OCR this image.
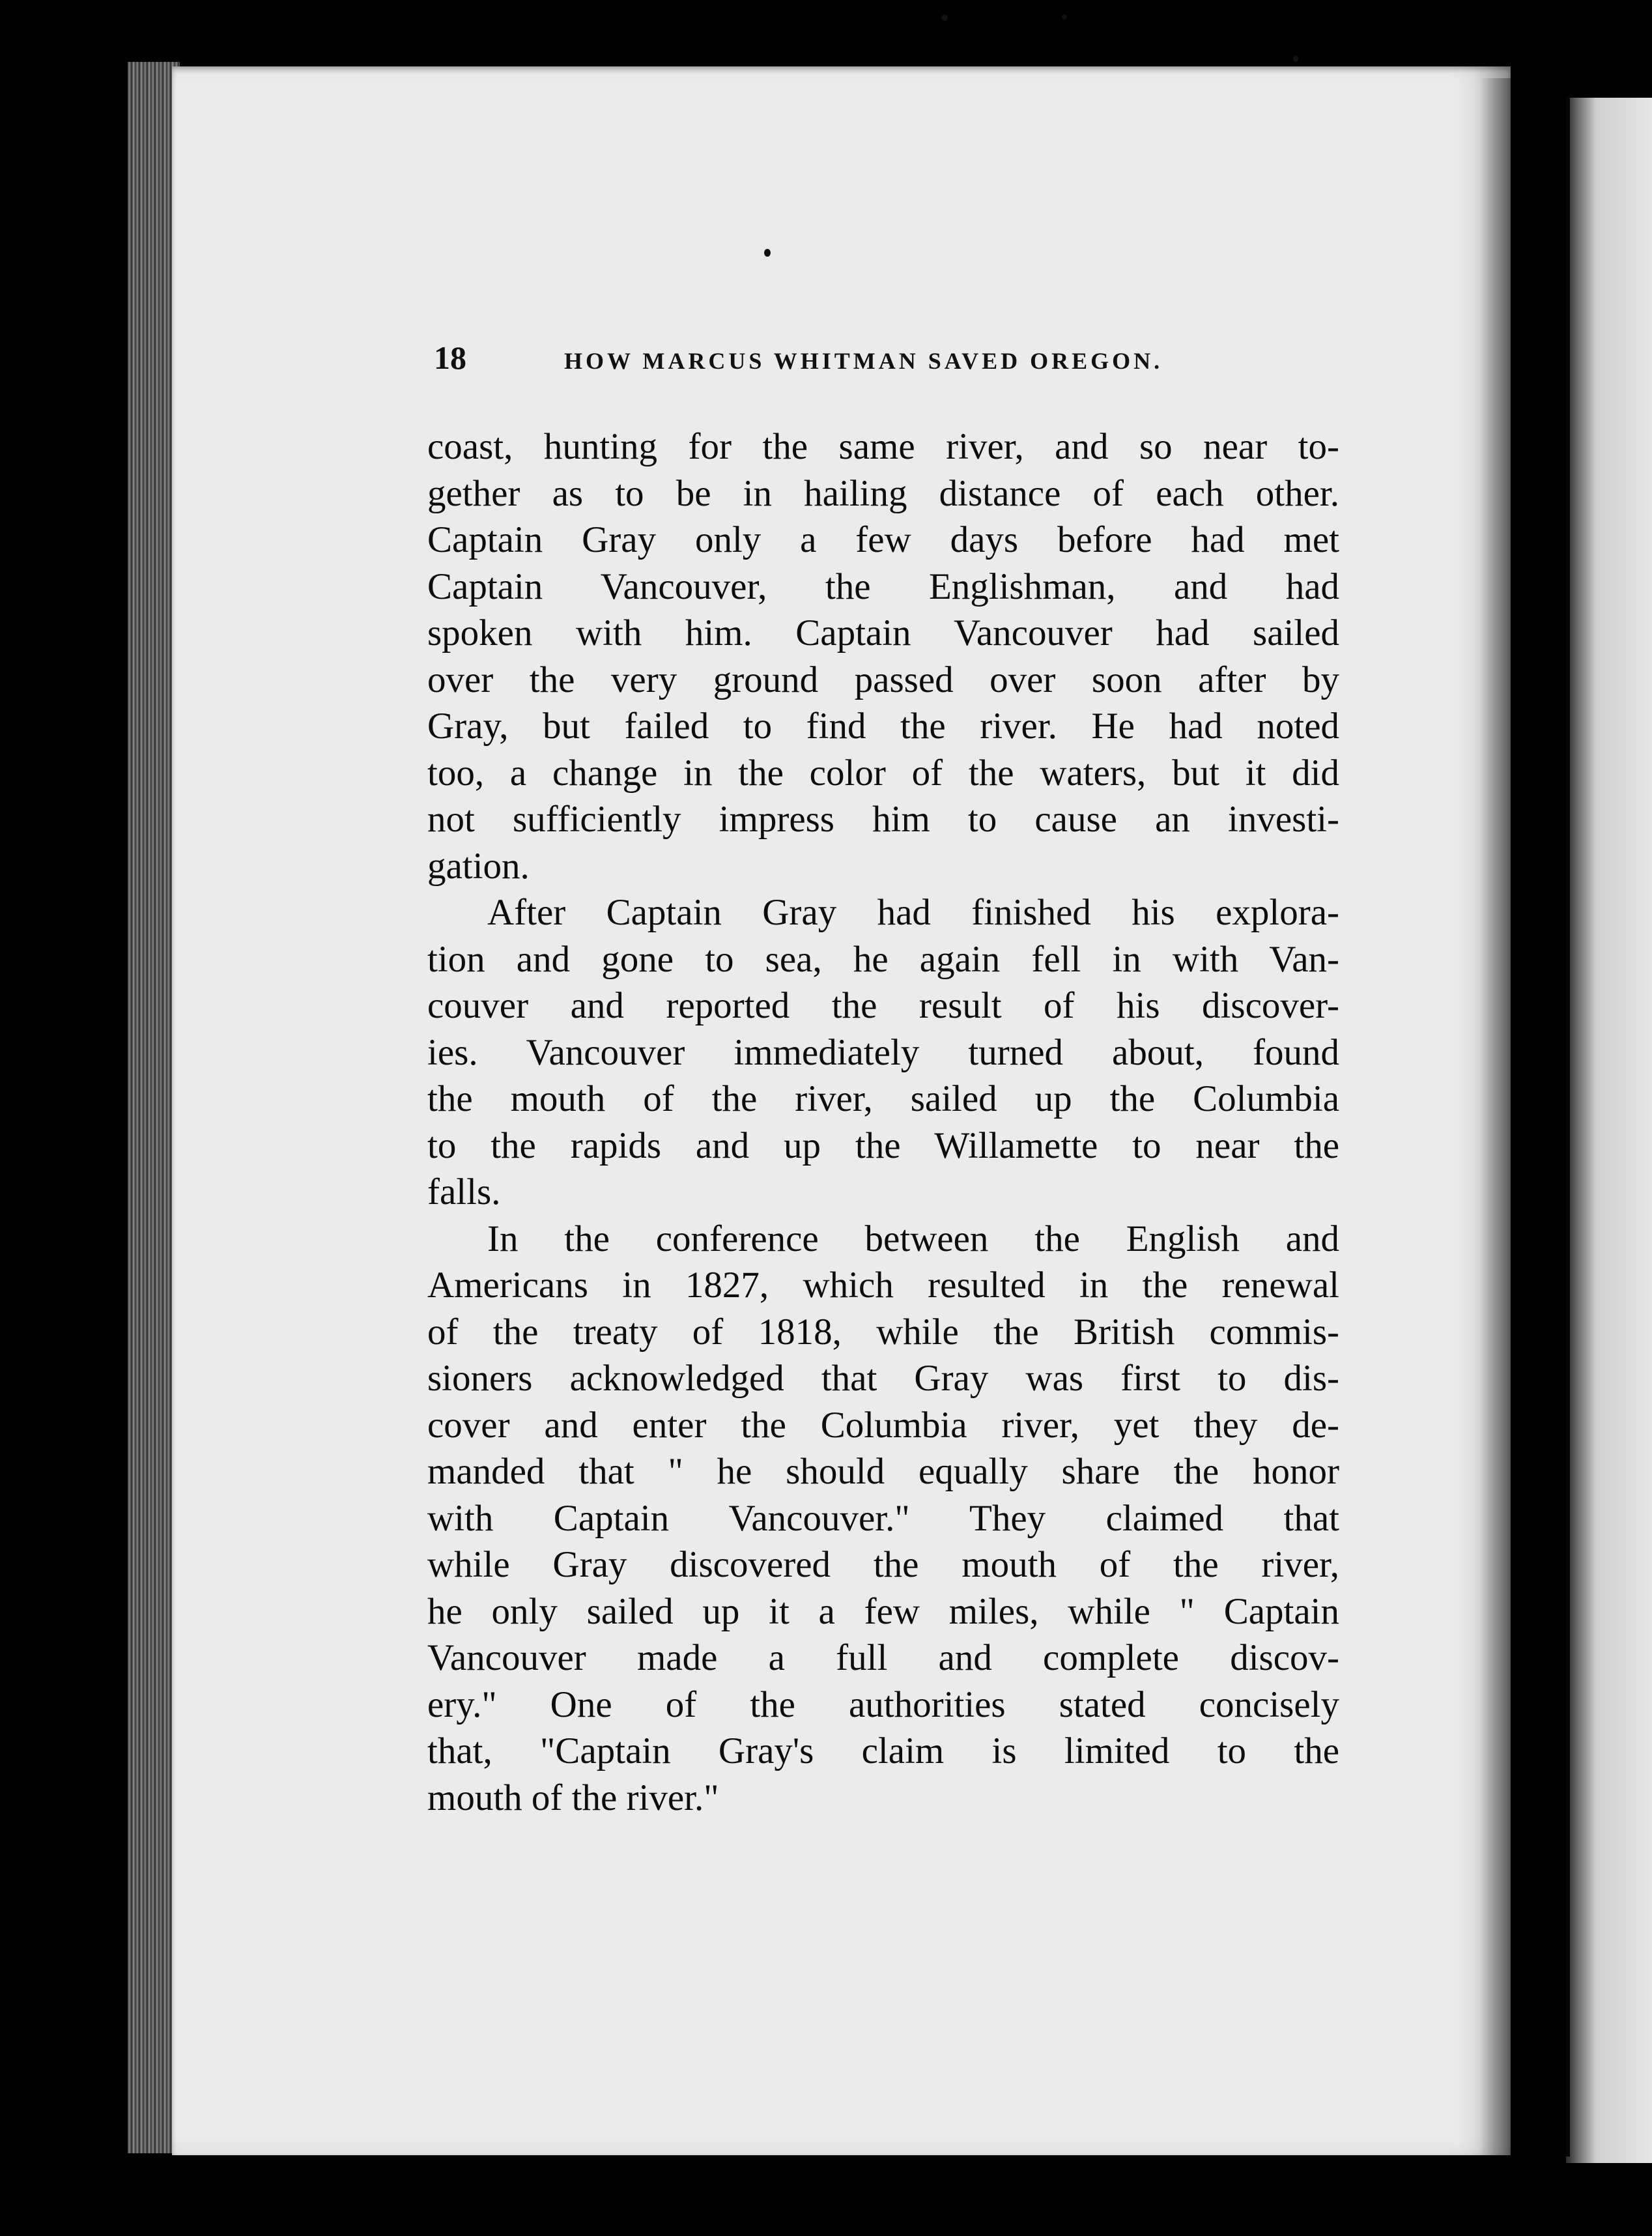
18	HOW MARCUS WHITMAN SAVED OREGON.
coast, hunting for the same river, and so near to-
gether as to be in hailing distance of each other.
Captain Gray only a few days before had met
Captain Vancouver, the Englishman, and had
spoken with him. Captain Vancouver had sailed
over the very ground passed over soon after by
Gray, but failed to find the river. He had noted
too, a change in the color of the waters, but it did
not sufficiently impress him to cause an investi-
gation.
After Captain Gray had finished his explora-
tion and gone to sea, he again fell in with Van-
couver and reported the result of his discover-
ies. Vancouver immediately turned about, found
the mouth of the river, sailed up the Columbia
to the rapids and up the Willamette to near the
falls.
In the conference between the English and
Americans in 1827, which resulted in the renewal
of the treaty of 1818, while the British commis-
sioners acknowledged that Gray was first to dis-
cover and enter the Columbia river, yet they de-
manded that " he should equally share the honor
with Captain Vancouver." They claimed that
while Gray discovered the mouth of the river,
he only sailed up it a few miles, while " Captain
Vancouver made a full and complete discov-
ery." One of the authorities stated concisely
that, "Captain Gray's claim is limited to the
mouth of the river."
